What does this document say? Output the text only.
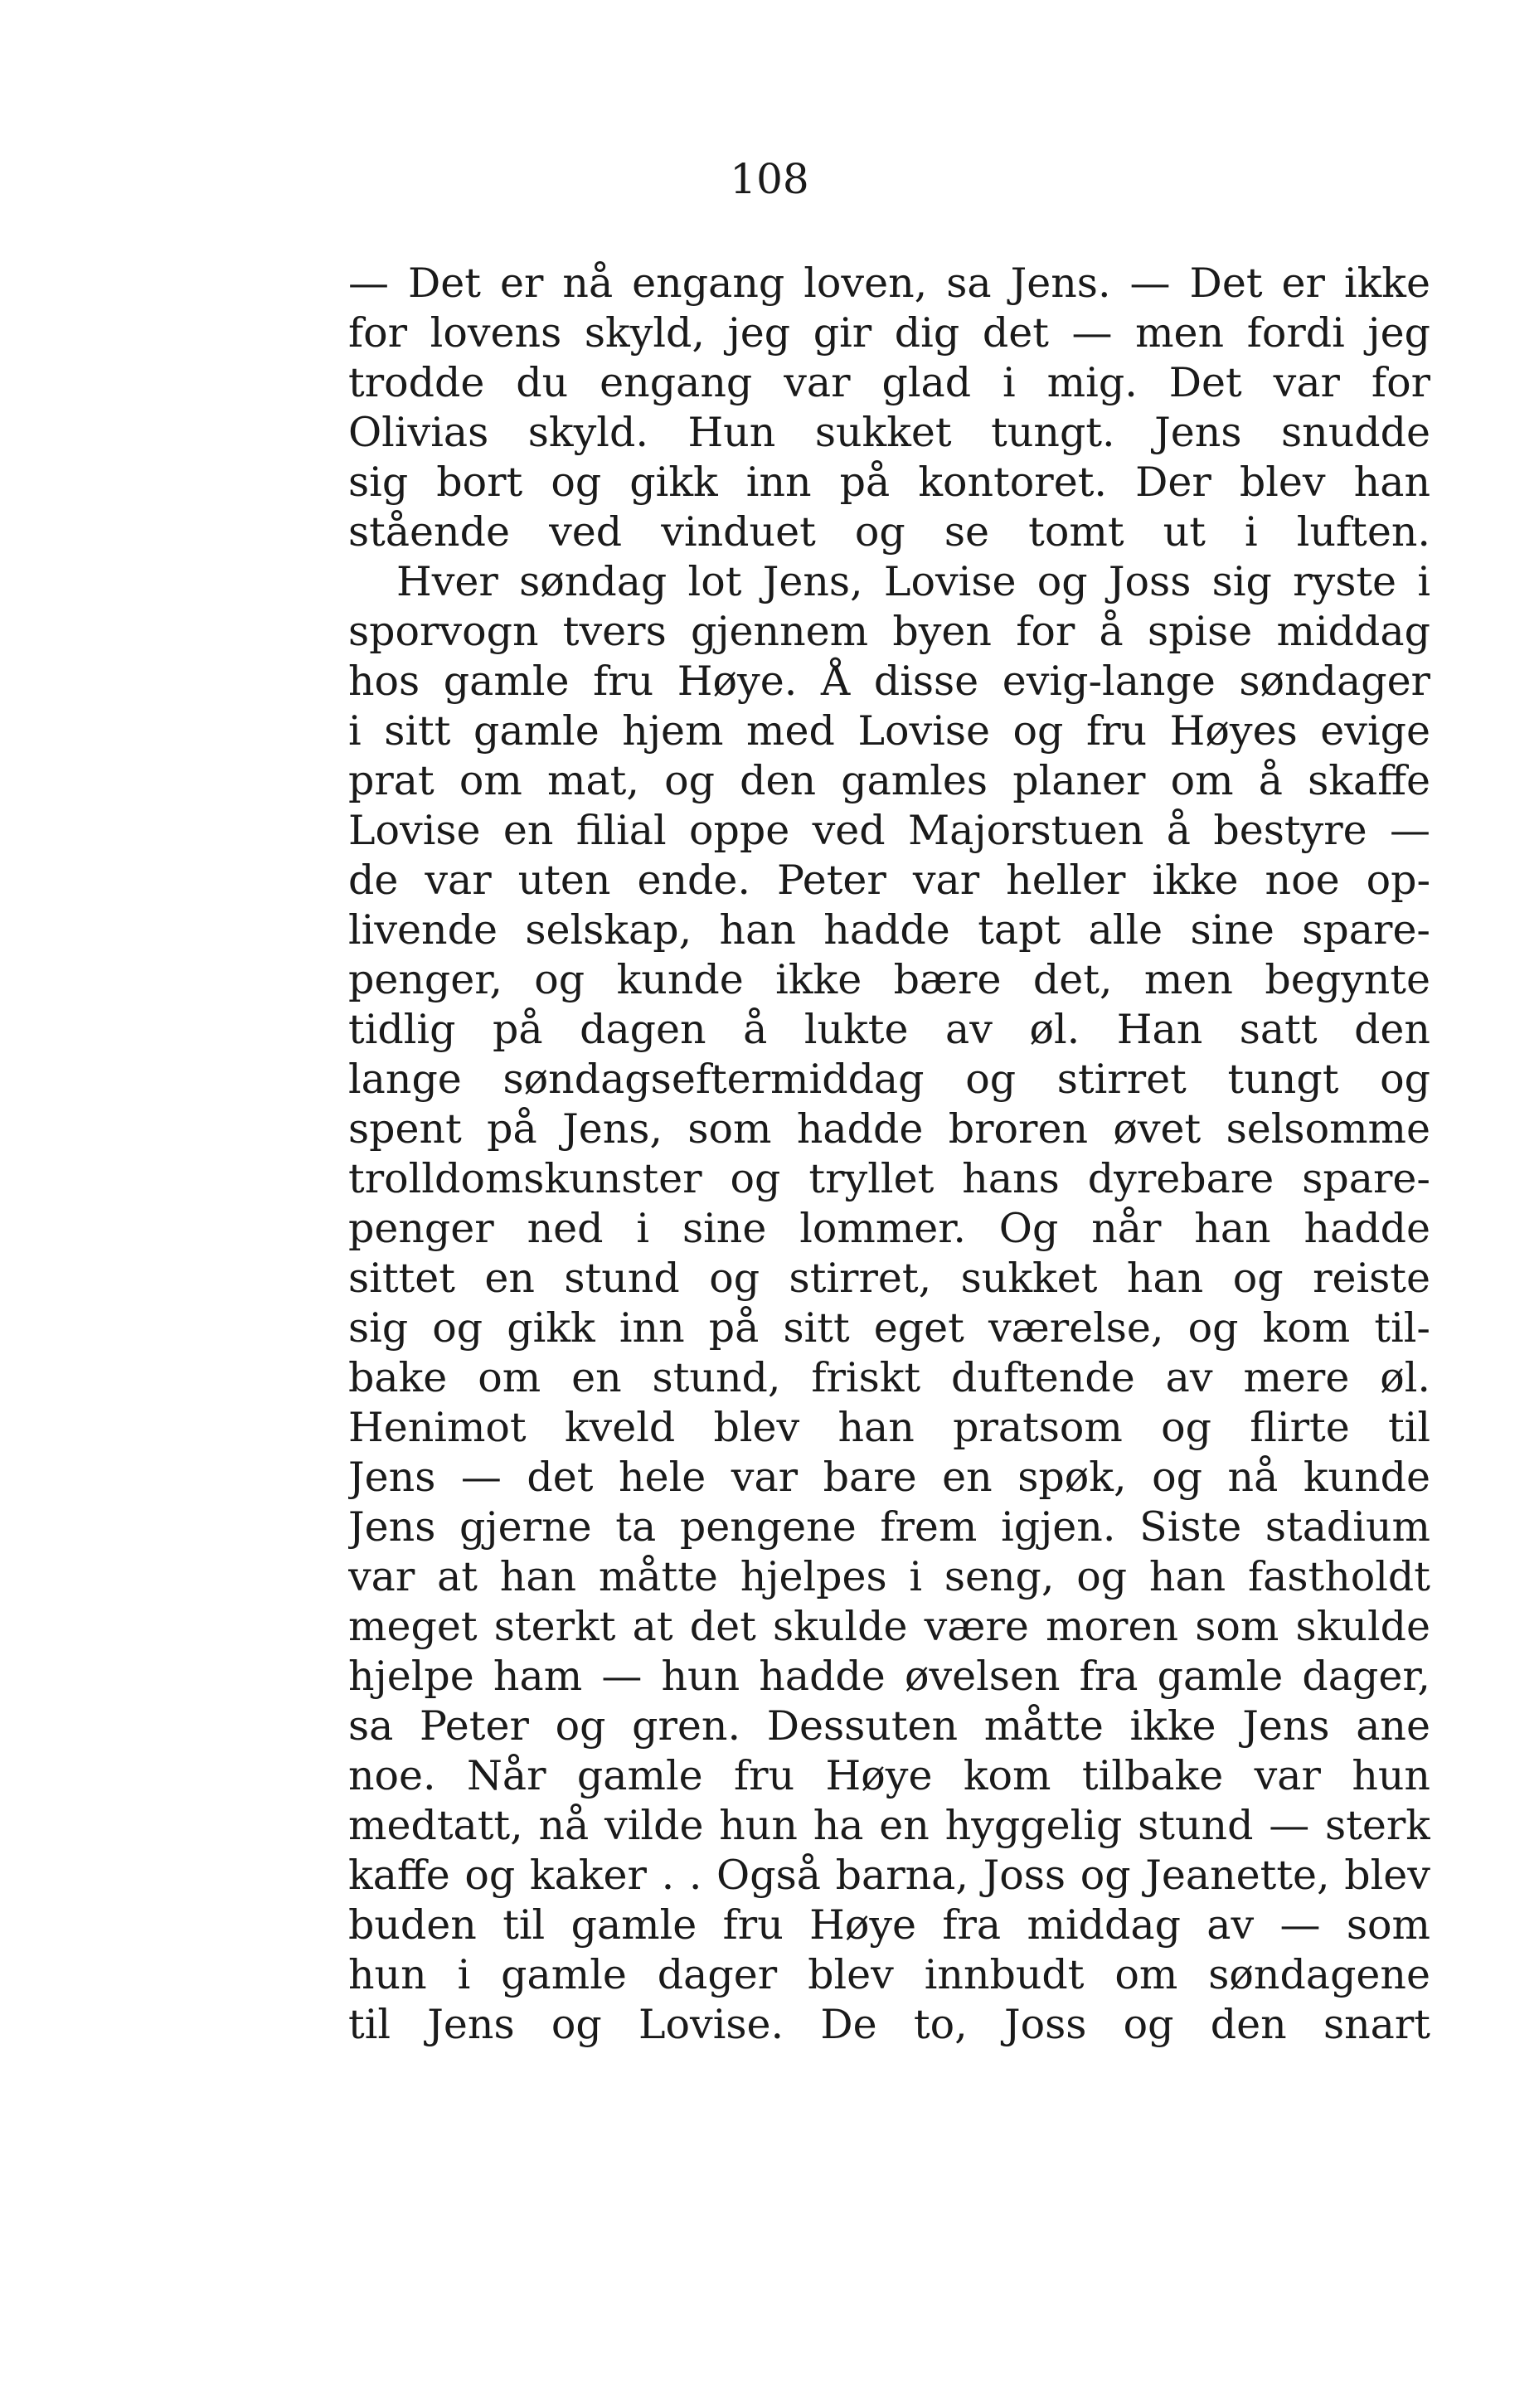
108
— Det er nå engang loven, sa Jens. — Det er ikke
for lovens skyld, jeg gir dig det — men fordi jeg
trodde du engang var glad i mig. Det var for
Olivias skyld. Hun sukket tungt. Jens snudde
sig bort og gikk inn på kontoret. Der blev han
stående ved vinduet og se tomt ut i luften.
Hver søndag lot Jens, Lovise og Joss sig ryste i
sporvogn tvers gjennem byen for å spise middag
hos gamle fru Høye. Å disse evig-lange søndager
i sitt gamle hjem med Lovise og fru Høyes evige
prat om mat, og den gamles planer om å skaffe
Lovise en filial oppe ved Majorstuen å bestyre —
de var uten ende. Peter var heller ikke noe op-
livende selskap, han hadde tapt alle sine spare-
penger, og kunde ikke bære det, men begynte
tidlig på dagen å lukte av øl. Han satt den
lange søndagseftermiddag og stirret tungt og
spent på Jens, som hadde broren øvet selsomme
trolldomskunster og tryllet hans dyrebare spare-
penger ned i sine lommer. Og når han hadde
sittet en stund og stirret, sukket han og reiste
sig og gikk inn på sitt eget værelse, og kom til-
bake om en stund, friskt duftende av mere øl.
Henimot kveld blev han pratsom og flirte til
Jens — det hele var bare en spøk, og nå kunde
Jens gjerne ta pengene frem igjen. Siste stadium
var at han måtte hjelpes i seng, og han fastholdt
meget sterkt at det skulde være moren som skulde
hjelpe ham — hun hadde øvelsen fra gamle dager,
sa Peter og gren. Dessuten måtte ikke Jens ane
noe. Når gamle fru Høye kom tilbake var hun
medtatt, nå vilde hun ha en hyggelig stund — sterk
kaffe og kaker . . Også barna, Joss og Jeanette, blev
buden til gamle fru Høye fra middag av — som
hun i gamle dager blev innbudt om søndagene
til Jens og Lovise. De to, Joss og den snart
